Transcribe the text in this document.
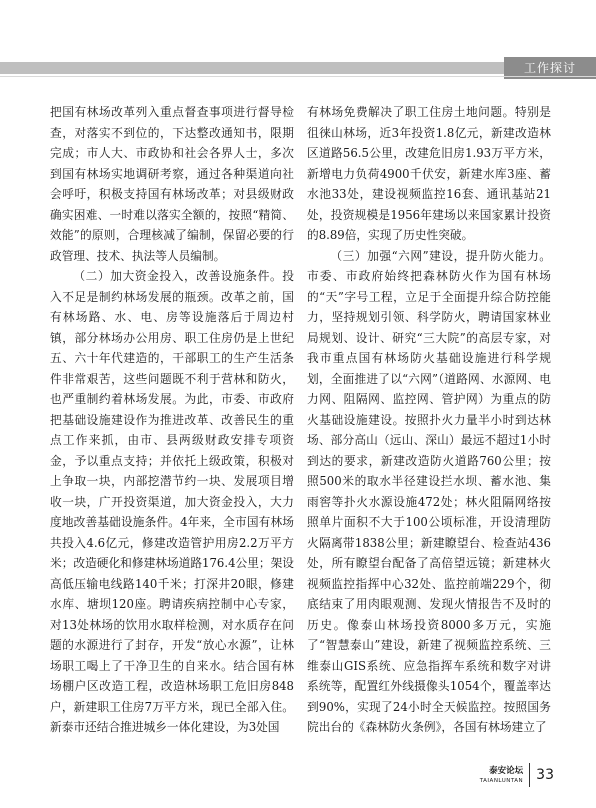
工作探讨

把国有林场改革列入重点督查事项进行督导检查，对落实不到位的，下达整改通知书，限期完成；市人大、市政协和社会各界人士，多次到国有林场实地调研考察，通过各种渠道向社会呼吁，积极支持国有林场改革；对县级财政确实困难、一时难以落实全额的，按照“精简、效能”的原则，合理核减了编制，保留必要的行政管理、技术、执法等人员编制。

（二）加大资金投入，改善设施条件。投入不足是制约林场发展的瓶颈。改革之前，国有林场路、水、电、房等设施落后于周边村镇，部分林场办公用房、职工住房仍是上世纪五、六十年代建造的，干部职工的生产生活条件非常艰苦，这些问题既不利于营林和防火，也严重制约着林场发展。为此，市委、市政府把基础设施建设作为推进改革、改善民生的重点工作来抓，由市、县两级财政安排专项资金，予以重点支持；并依托上级政策，积极对上争取一块，内部挖潜节约一块、发展项目增收一块，广开投资渠道，加大资金投入，大力度地改善基础设施条件。4年来，全市国有林场共投入4.6亿元，修建改造管护用房2.2万平方米；改造硬化和修建林场道路176.4公里；架设高低压输电线路140千米；打深井20眼，修建水库、塘坝120座。聘请疾病控制中心专家，对13处林场的饮用水取样检测，对水质存在问题的水源进行了封存，开发“放心水源”，让林场职工喝上了干净卫生的自来水。结合国有林场棚户区改造工程，改造林场职工危旧房848户，新建职工住房7万平方米，现已全部入住。新泰市还结合推进城乡一体化建设，为3处国

有林场免费解决了职工住房土地问题。特别是徂徕山林场，近3年投资1.8亿元，新建改造林区道路56.5公里，改建危旧房1.93万平方米，新增电力负荷4900千伏安，新建水库3座、蓄水池33处，建设视频监控16套、通讯基站21处，投资规模是1956年建场以来国家累计投资的8.89倍，实现了历史性突破。

（三）加强“六网”建设，提升防火能力。市委、市政府始终把森林防火作为国有林场的“天”字号工程，立足于全面提升综合防控能力，坚持规划引领、科学防火，聘请国家林业局规划、设计、研究“三大院”的高层专家，对我市重点国有林场防火基础设施进行科学规划，全面推进了以“六网”（道路网、水源网、电力网、阻隔网、监控网、管护网）为重点的防火基础设施建设。按照扑火力量半小时到达林场、部分高山（远山、深山）最远不超过1小时到达的要求，新建改造防火道路760公里；按照500米的取水半径建设拦水坝、蓄水池、集雨窖等扑火水源设施472处；林火阻隔网络按照单片面积不大于100公顷标准，开设清理防火隔离带1838公里；新建瞭望台、检查站436处，所有瞭望台配备了高倍望远镜；新建林火视频监控指挥中心32处、监控前端229个，彻底结束了用肉眼观测、发现火情报告不及时的历史。像泰山林场投资8000多万元，实施了“智慧泰山”建设，新建了视频监控系统、三维泰山GIS系统、应急指挥车系统和数字对讲系统等，配置红外线摄像头1054个，覆盖率达到90%，实现了24小时全天候监控。按照国务院出台的《森林防火条例》，各国有林场建立了

泰安论坛
TAIANLUNTAN 33
